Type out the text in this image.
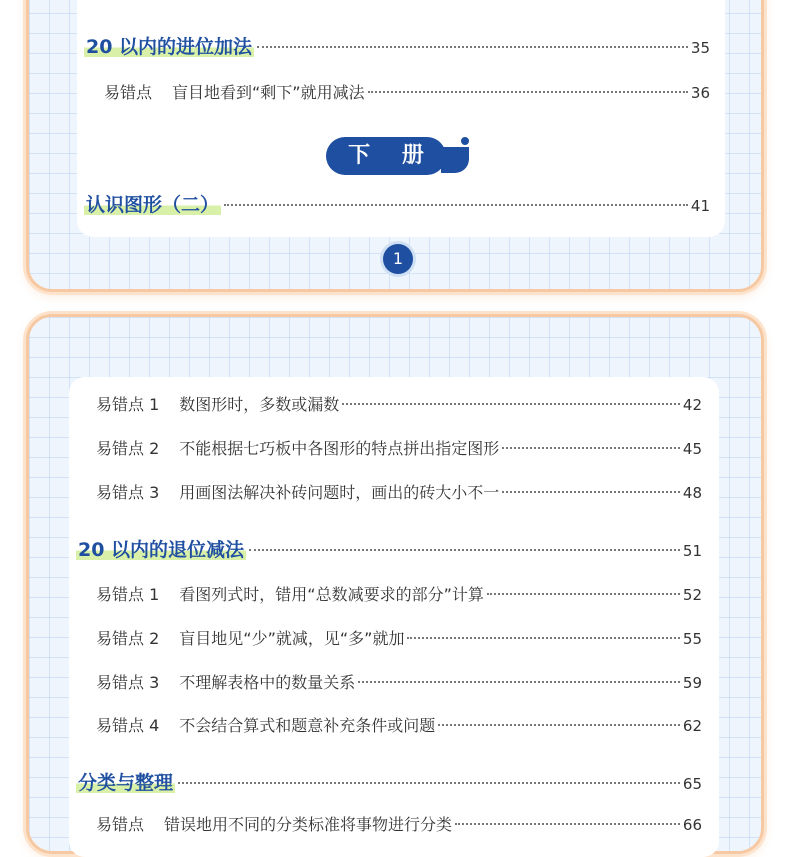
20 以内的进位加法	35
易错点 盲目地看到“剩下”就用减法	36
下 册
认识图形（二）	41
1
易错点 1 数图形时，多数或漏数	42
易错点 2 不能根据七巧板中各图形的特点拼出指定图形	45
易错点 3 用画图法解决补砖问题时，画出的砖大小不一	48
20 以内的退位减法	51
易错点 1 看图列式时，错用“总数减要求的部分”计算	52
易错点 2 盲目地见“少”就减，见“多”就加	55
易错点 3 不理解表格中的数量关系	59
易错点 4 不会结合算式和题意补充条件或问题	62
分类与整理	65
易错点 错误地用不同的分类标准将事物进行分类	66
